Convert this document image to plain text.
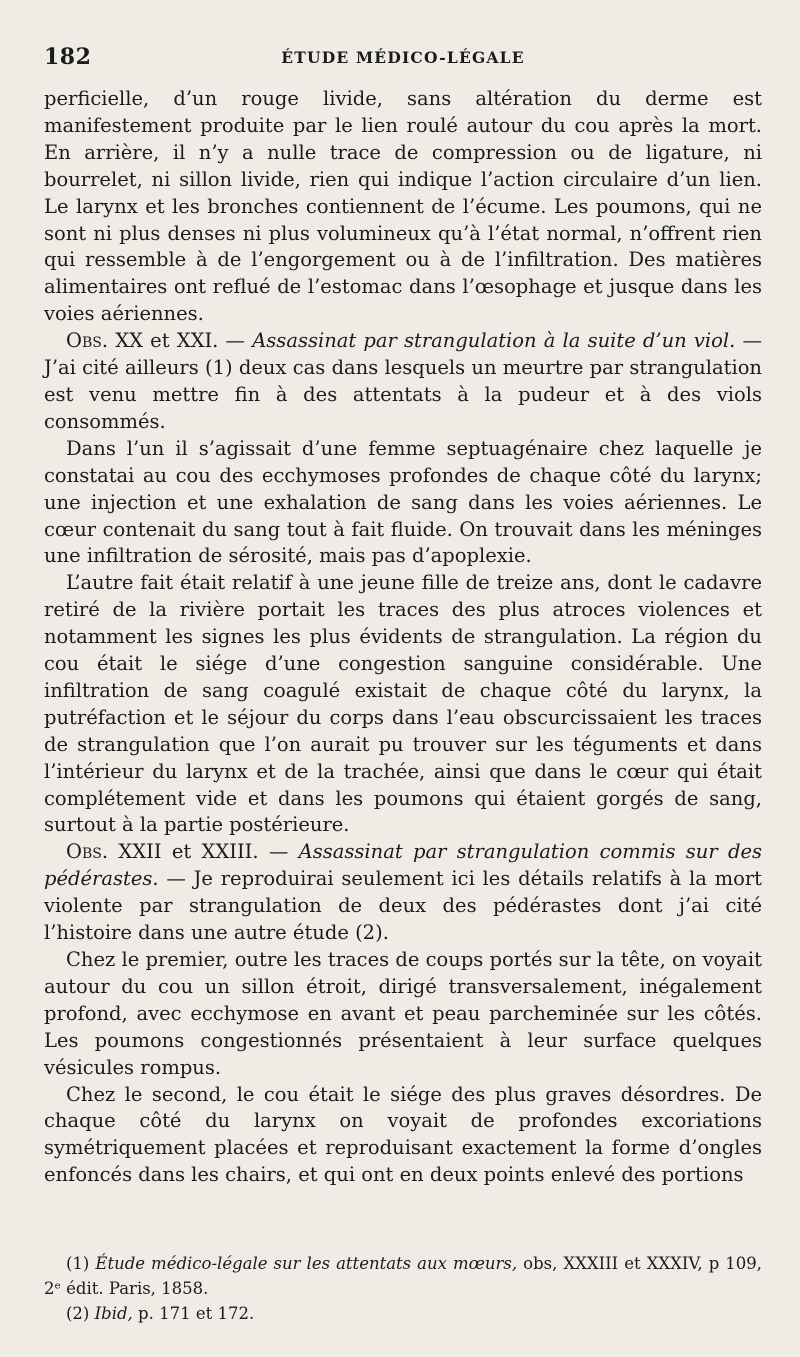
182	ÉTUDE MÉDICO-LÉGALE

perficielle, d’un rouge livide, sans altération du derme est manifestement produite par le lien roulé autour du cou après la mort. En arrière, il n’y a nulle trace de compression ou de ligature, ni bourrelet, ni sillon livide, rien qui indique l’action circulaire d’un lien. Le larynx et les bronches contiennent de l’écume. Les poumons, qui ne sont ni plus denses ni plus volumineux qu’à l’état normal, n’offrent rien qui ressemble à de l’engorgement ou à de l’infiltration. Des matières alimentaires ont reflué de l’estomac dans l’œsophage et jusque dans les voies aériennes.

Obs. XX et XXI. — Assassinat par strangulation à la suite d’un viol. — J’ai cité ailleurs (1) deux cas dans lesquels un meurtre par strangulation est venu mettre fin à des attentats à la pudeur et à des viols consommés.

Dans l’un il s’agissait d’une femme septuagénaire chez laquelle je constatai au cou des ecchymoses profondes de chaque côté du larynx; une injection et une exhalation de sang dans les voies aériennes. Le cœur contenait du sang tout à fait fluide. On trouvait dans les méninges une infiltration de sérosité, mais pas d’apoplexie.

L’autre fait était relatif à une jeune fille de treize ans, dont le cadavre retiré de la rivière portait les traces des plus atroces violences et notamment les signes les plus évidents de strangulation. La région du cou était le siége d’une congestion sanguine considérable. Une infiltration de sang coagulé existait de chaque côté du larynx, la putréfaction et le séjour du corps dans l’eau obscurcissaient les traces de strangulation que l’on aurait pu trouver sur les téguments et dans l’intérieur du larynx et de la trachée, ainsi que dans le cœur qui était complétement vide et dans les poumons qui étaient gorgés de sang, surtout à la partie postérieure.

Obs. XXII et XXIII. — Assassinat par strangulation commis sur des pédérastes. — Je reproduirai seulement ici les détails relatifs à la mort violente par strangulation de deux des pédérastes dont j’ai cité l’histoire dans une autre étude (2).

Chez le premier, outre les traces de coups portés sur la tête, on voyait autour du cou un sillon étroit, dirigé transversalement, inégalement profond, avec ecchymose en avant et peau parcheminée sur les côtés. Les poumons congestionnés présentaient à leur surface quelques vésicules rompus.

Chez le second, le cou était le siége des plus graves désordres. De chaque côté du larynx on voyait de profondes excoriations symétriquement placées et reproduisant exactement la forme d’ongles enfoncés dans les chairs, et qui ont en deux points enlevé des portions

(1) Étude médico-légale sur les attentats aux mœurs, obs, XXXIII et XXXIV, p 109, 2ᵉ édit. Paris, 1858.

(2) Ibid, p. 171 et 172.
